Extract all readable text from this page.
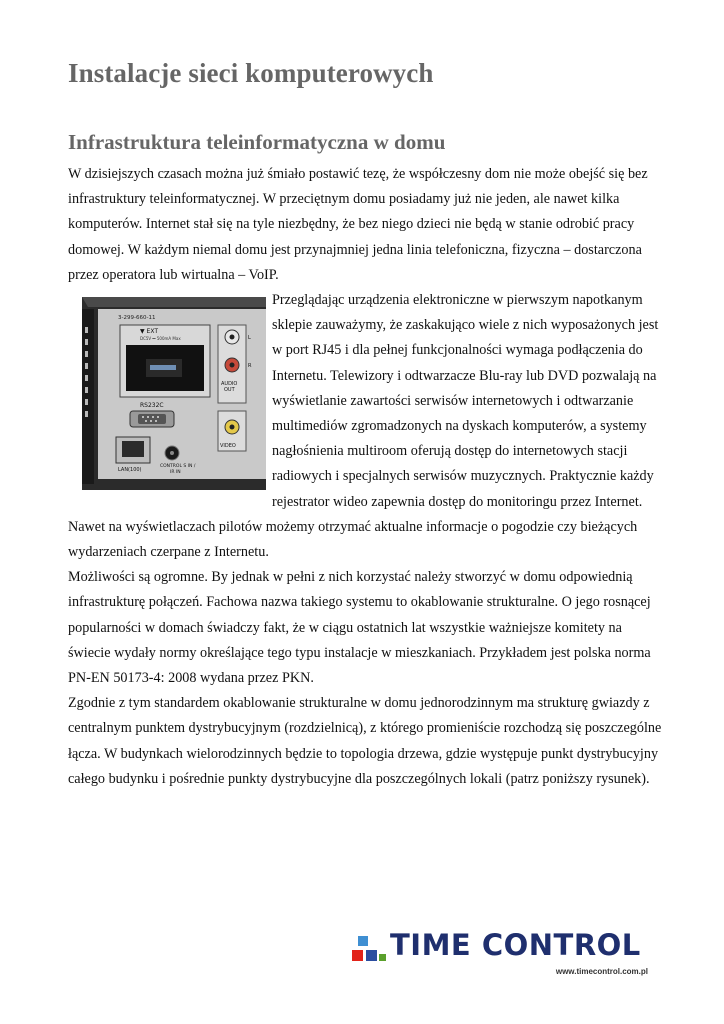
Instalacje sieci komputerowych
Infrastruktura teleinformatyczna w domu

W dzisiejszych czasach można już śmiało postawić tezę, że współczesny dom nie może obejść się bez infrastruktury teleinformatycznej. W przeciętnym domu posiadamy już nie jeden, ale nawet kilka komputerów. Internet stał się na tyle niezbędny, że bez niego dzieci nie będą w stanie odrobić pracy domowej. W każdym niemal domu jest przynajmniej jedna linia telefoniczna, fizyczna – dostarczona przez operatora lub wirtualna – VoIP.

3-299-660-11
▼ EXT
DC5V ⎓ 500mA Max
RS232C
LAN(100)
CONTROL S IN /
IR IN
L
R
AUDIO
OUT
VIDEO

Przeglądając urządzenia elektroniczne w pierwszym napotkanym sklepie zauważymy, że zaskakująco wiele z nich wyposażonych jest w port RJ45 i dla pełnej funkcjonalności wymaga podłączenia do Internetu. Telewizory i odtwarzacze Blu-ray lub DVD pozwalają na wyświetlanie zawartości serwisów internetowych i odtwarzanie multimediów zgromadzonych na dyskach komputerów, a systemy nagłośnienia multiroom oferują dostęp do internetowych stacji radiowych i specjalnych serwisów muzycznych. Praktycznie każdy rejestrator wideo zapewnia dostęp do monitoringu przez Internet. Nawet na wyświetlaczach pilotów możemy otrzymać aktualne informacje o pogodzie czy bieżących wydarzeniach czerpane z Internetu.

Możliwości są ogromne. By jednak w pełni z nich korzystać należy stworzyć w domu odpowiednią infrastrukturę połączeń. Fachowa nazwa takiego systemu to okablowanie strukturalne. O jego rosnącej popularności w domach świadczy fakt, że w ciągu ostatnich lat wszystkie ważniejsze komitety na świecie wydały normy określające tego typu instalacje w mieszkaniach. Przykładem jest polska norma PN-EN 50173-4: 2008 wydana przez PKN.

Zgodnie z tym standardem okablowanie strukturalne w domu jednorodzinnym ma strukturę gwiazdy z centralnym punktem dystrybucyjnym (rozdzielnicą), z którego promieniście rozchodzą się poszczególne łącza. W budynkach wielorodzinnych będzie to topologia drzewa, gdzie występuje punkt dystrybucyjny całego budynku i pośrednie punkty dystrybucyjne dla poszczególnych lokali (patrz poniższy rysunek).

TIME CONTROL
www.timecontrol.com.pl
